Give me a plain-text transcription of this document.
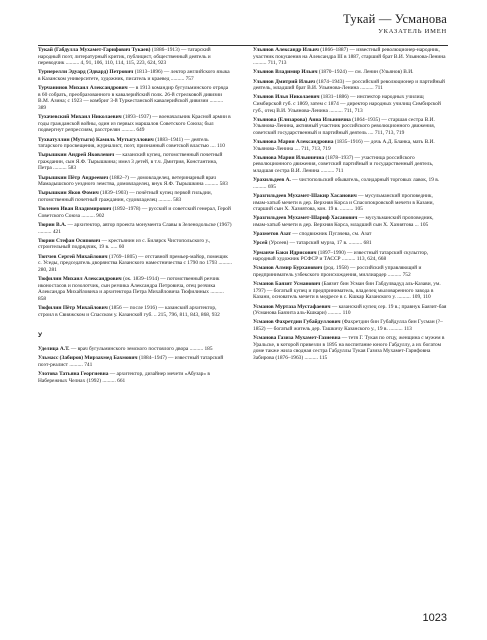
Тукай — Усманова
УКАЗАТЕЛЬ ИМЕН
Тукай (Габдулла Мухамет-Гарифович Тукаев) (1886–1913) — татарский народный поэт, литературный критик, публицист, общественный деятель и переводчик .......... 4, 91, 106, 110, 114, 115, 223, 624, 923
Турнерелли Эдуард (Эдвард) Петрович (1813–1896) — лектор английского языка в Казанском университете, художник, писатель и краевед .......... 757
Турчанинов Михаил Александрович — в 1913 командир бугульминского отряда в 60 собрать, преобразованного в кавалерийский полк. 26-й стрелковой дивизии В.М. Азина; с 1923 — комбриг 3-й Туркестанской кавалерийской дивизии .......... 389
Тухачевский Михаил Николаевич (1893–1937) — военачальник Красной армии в годы гражданской войны, один из первых маршалов Советского Союза; был подвергнут репрессиям, расстрелян .......... 649
Тухватуллин (Мутыги) Камиль Мутыгуллович (1883–1941) — деятель татарского просвещения, журналист, поэт, признанный советской властью .... 110
Тырышкин Андрей Яковлевич — казанский купец, потомственный почетный гражданин, сын Я.Ф. Тырышкина; имел 3 детей, в т.ч. Дмитрия, Константина, Петра .......... 583
Тырышкин Пётр Андреевич (1882–?) — домовладелец, ветеринарный врач Мамадышского уездного земства, домовладелец, внук Я.Ф. Тырышкина .......... 583
Тырышкин Яков Фомич (1839–1903) — почётный купец первой гильдии, потомственный почетный гражданин, судовладелец .......... 583
Тюленев Иван Владимирович (1892–1978) — русский и советский генерал, Герой Советского Союза .......... 902
Тюрин В.А. — архитектор, автор проекта монумента Славы в Зеленодольске (1967) .......... 421
Тюрин Стефан Осипович — крестьянин из с. Билярск Чистопольского у., строительный подрядчик, 19 в. ..... 60
Тютчев Сергей Михайлович (1769–1805) — отставной премьер-майор, помещик с. Уседы, председатель дворянства Казанского наместничества с 1790 по 1793 .......... 280, 281
Тюфилин Михаил Александрович (ок. 1839–1914) — потомственный резчик иконостасов и позолотчик, сын резчика Александра Петровича, отец резчика Александра Михайловича и архитектора Петра Михайловича Тюфилиных .......... 858
Тюфилин Пётр Михайлович (1856 — после 1916) — казанский архитектор, строил в Свияжском и Спасском у. Казанской губ. .. 215, 796, 811, 843, 868, 932
У
Уделица А.Т. — врач бугульминского земского постоялого двора .......... 185
Ульмасс (Забиров) Мирзахмед Бахмович (1884–1947) — известный татарский поэт-реалист .......... 741
Улотова Татьяна Георгиевна — архитектор, дизайнер мечети «Абузар» в Набережных Челнах (1992) .......... 661
Ульянов Александр Ильич (1866–1887) — известный революционер-народник, участник покушения на Александра III в 1887, старший брат В.И. Ульянова-Ленина .......... 711, 713
Ульянов Владимир Ильич (1870–1924) — см. Ленин (Ульянов) В.И.
Ульянов Дмитрий Ильич (1874–1943) — российский революционер и партийный деятель, младший брат В.И. Ульянова-Ленина .......... 711
Ульянов Илья Николаевич (1831–1886) — инспектор народных училищ Симбирской губ. с 1869, затем с 1874 — директор народных училищ Симбирской губ., отец В.И. Ульянова-Ленина .......... 711, 713
Ульянова (Елизарова) Анна Ильинична (1864–1935) — старшая сестра В.И. Ульянова-Ленина, активный участник российского революционного движения, советский государственный и партийный деятель .... 711, 713, 719
Ульянова Мария Александровна (1835–1916) — дочь А.Д. Бланка, мать В.И. Ульянова-Ленина .... 711, 713, 719
Ульянова Мария Ильинична (1878–1937) — участница российского революционного движения, советский партийный и государственный деятель, младшая сестра В.И. Ленина .......... 711
Урахильдеев А. — чистопольский обыватель, солидарный торговых лавок, 19 в. .......... 695
Уразгильдеев Мухамет-Шакир Хасанович — мусульманский проповедник, имам-хатыб мечети в дер. Верхняя Корса и Спасопокровской мечети в Казани, старший сын Х. Хазиятова, кон. 19 в. .......... 105
Уразгильдеев Мухамет-Шариф Хасанович — мусульманский проповедник, имам-хатыб мечети в дер. Верхняя Корса, младший сын Х. Хазиятова ... 105
Уразметов Азат — сподвижник Пугачева, см. Азат
Урсей (Урсеев) — татарский мурза, 17 в. .......... 681
Урманче Баки Идрисович (1897–1990) — известный татарский скульптор, народный художник РСФСР и ТАССР .......... 113, 624, 668
Усманов Алмир Бурханович (род. 1958) — российский управляющий и предприниматель узбекского происхождения, миллиардер .......... 752
Усманов Баязит Усманович (Баязит бин Усман бин Габдулвадуд аль-Казави, ум. 1797) — богатый купец и предприниматель, владелец мыловаренного завода в Казани, основатель мечети в медресе в с. Кшкар Казанского у. .......... 109, 110
Усманов Муртаза Мустафаевич — казанский купец сер. 19 в.; правнук Баязит-бая (Усманова Баязита аль-Кшкари) .......... 110
Усманов Фахретдин Губайдуллович (Фахретдин бин Губайдулла бин Гусман (?–1852) — богатый житель дер. Ташкичу Казанского у., 19 в. .......... 113
Усманова Газиза Мухамет-Газиевна — тетя Г. Тукая по отцу, женщина с мужем в Уральске, в которой привезли в 1895 на воспитание юного Габдуллу, а их богатом доме также жила сводная сестра Габдуллы Тукая Газиза Мухамет-Гарифовна Забирова (1876–1963) .......... 115
1023
